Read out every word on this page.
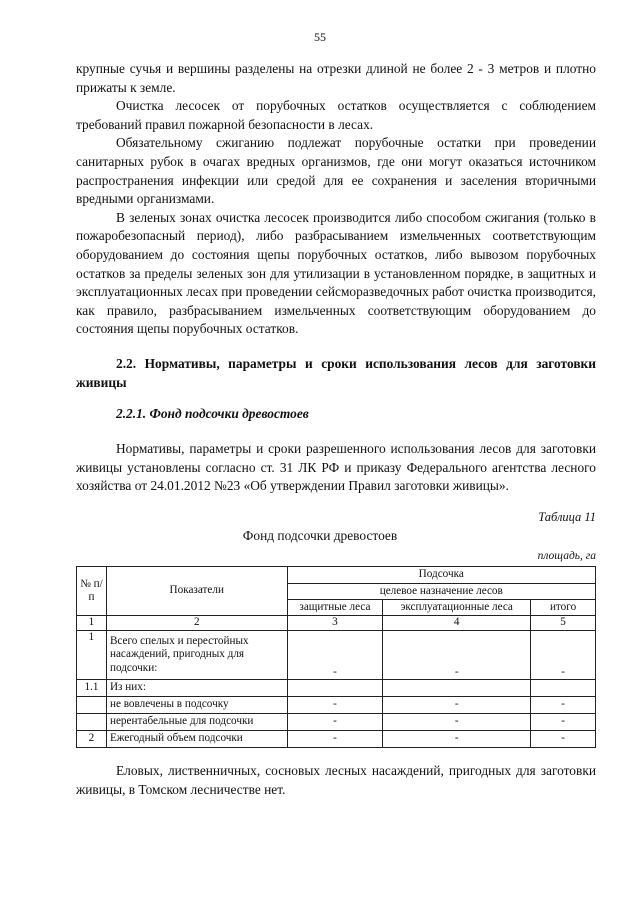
55

крупные сучья и вершины разделены на отрезки длиной не более 2 - 3 метров и плотно прижаты к земле.

Очистка лесосек от порубочных остатков осуществляется с соблюдением требований правил пожарной безопасности в лесах.

Обязательному сжиганию подлежат порубочные остатки при проведении санитарных рубок в очагах вредных организмов, где они могут оказаться источником распространения инфекции или средой для ее сохранения и заселения вторичными вредными организмами.

В зеленых зонах очистка лесосек производится либо способом сжигания (только в пожаробезопасный период), либо разбрасыванием измельченных соответствующим оборудованием до состояния щепы порубочных остатков, либо вывозом порубочных остатков за пределы зеленых зон для утилизации в установленном порядке, в защитных и эксплуатационных лесах при проведении сейсморазведочных работ очистка производится, как правило, разбрасыванием измельченных соответствующим оборудованием до состояния щепы порубочных остатков.

2.2. Нормативы, параметры и сроки использования лесов для заготовки живицы

2.2.1. Фонд подсочки древостоев

Нормативы, параметры и сроки разрешенного использования лесов для заготовки живицы установлены согласно ст. 31 ЛК РФ и приказу Федерального агентства лесного хозяйства от 24.01.2012 №23 «Об утверждении Правил заготовки живицы».

Таблица 11
Фонд подсочки древостоев
площадь, га
№ п/п	Показатели	Подсочка		
		целевое назначение лесов		
		защитные леса	эксплуатационные леса	итого
1	2	3	4	5
1	Всего спелых и перестойных насаждений, пригодных для подсочки:	-	-	-
1.1	Из них:			
	не вовлечены в подсочку	-	-	-
	нерентабельные для подсочки	-	-	-
2	Ежегодный объем подсочки	-	-	-

Еловых, лиственничных, сосновых лесных насаждений, пригодных для заготовки живицы, в Томском лесничестве нет.
